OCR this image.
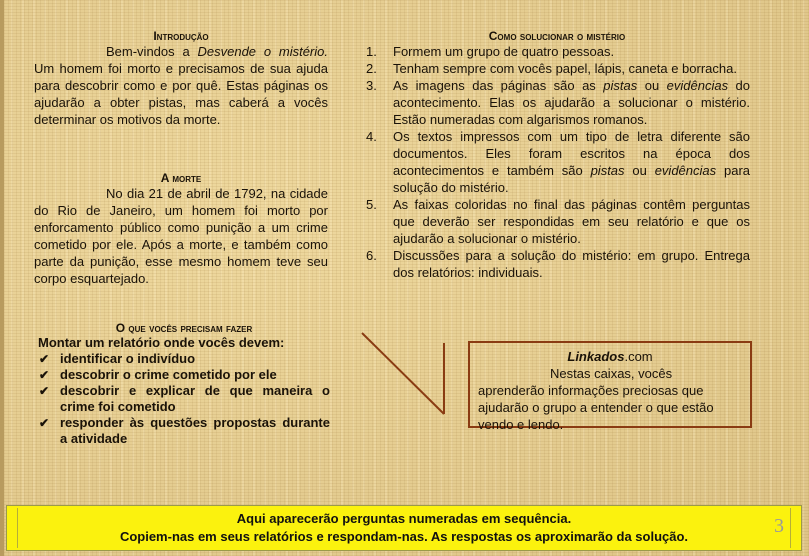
Introdução
Bem-vindos a Desvende o mistério. Um homem foi morto e precisamos de sua ajuda para descobrir como e por quê. Estas páginas os ajudarão a obter pistas, mas caberá a vocês determinar os motivos da morte.
A morte
No dia 21 de abril de 1792, na cidade do Rio de Janeiro, um homem foi morto por enforcamento público como punição a um crime cometido por ele. Após a morte, e também como parte da punição, esse mesmo homem teve seu corpo esquartejado.
O que vocês precisam fazer
Montar um relatório onde vocês devem:
✔ identificar o indivíduo
✔ descobrir o crime cometido por ele
✔ descobrir e explicar de que maneira o crime foi cometido
✔ responder às questões propostas durante a atividade
Como solucionar o mistério
1. Formem um grupo de quatro pessoas.
2. Tenham sempre com vocês papel, lápis, caneta e borracha.
3. As imagens das páginas são as pistas ou evidências do acontecimento. Elas os ajudarão a solucionar o mistério. Estão numeradas com algarismos romanos.
4. Os textos impressos com um tipo de letra diferente são documentos. Eles foram escritos na época dos acontecimentos e também são pistas ou evidências para solução do mistério.
5. As faixas coloridas no final das páginas contêm perguntas que deverão ser respondidas em seu relatório e que os ajudarão a solucionar o mistério.
6. Discussões para a solução do mistério: em grupo. Entrega dos relatórios: individuais.
Linkados.com
Nestas caixas, vocês aprenderão informações preciosas que ajudarão o grupo a entender o que estão vendo e lendo.
Aqui aparecerão perguntas numeradas em sequência.
Copiem-nas em seus relatórios e respondam-nas. As respostas os aproximarão da solução.	3
